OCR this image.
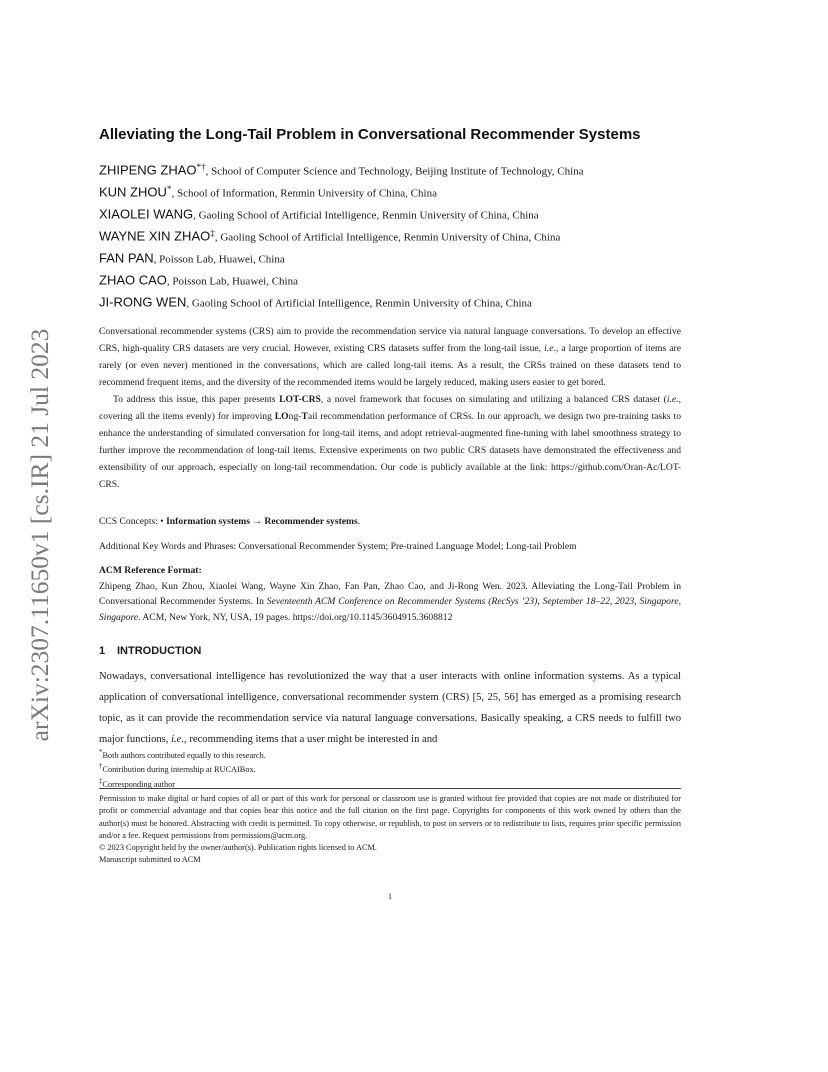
arXiv:2307.11650v1 [cs.IR] 21 Jul 2023
Alleviating the Long-Tail Problem in Conversational Recommender Systems
ZHIPENG ZHAO*†, School of Computer Science and Technology, Beijing Institute of Technology, China
KUN ZHOU*, School of Information, Renmin University of China, China
XIAOLEI WANG, Gaoling School of Artificial Intelligence, Renmin University of China, China
WAYNE XIN ZHAO‡, Gaoling School of Artificial Intelligence, Renmin University of China, China
FAN PAN, Poisson Lab, Huawei, China
ZHAO CAO, Poisson Lab, Huawei, China
JI-RONG WEN, Gaoling School of Artificial Intelligence, Renmin University of China, China

Conversational recommender systems (CRS) aim to provide the recommendation service via natural language conversations. To develop an effective CRS, high-quality CRS datasets are very crucial. However, existing CRS datasets suffer from the long-tail issue, i.e., a large proportion of items are rarely (or even never) mentioned in the conversations, which are called long-tail items. As a result, the CRSs trained on these datasets tend to recommend frequent items, and the diversity of the recommended items would be largely reduced, making users easier to get bored.

To address this issue, this paper presents LOT-CRS, a novel framework that focuses on simulating and utilizing a balanced CRS dataset (i.e., covering all the items evenly) for improving LOng-Tail recommendation performance of CRSs. In our approach, we design two pre-training tasks to enhance the understanding of simulated conversation for long-tail items, and adopt retrieval-augmented fine-tuning with label smoothness strategy to further improve the recommendation of long-tail items. Extensive experiments on two public CRS datasets have demonstrated the effectiveness and extensibility of our approach, especially on long-tail recommendation. Our code is publicly available at the link: https://github.com/Oran-Ac/LOT-CRS.

CCS Concepts: • Information systems → Recommender systems.
Additional Key Words and Phrases: Conversational Recommender System; Pre-trained Language Model; Long-tail Problem
ACM Reference Format:

Zhipeng Zhao, Kun Zhou, Xiaolei Wang, Wayne Xin Zhao, Fan Pan, Zhao Cao, and Ji-Rong Wen. 2023. Alleviating the Long-Tail Problem in Conversational Recommender Systems. In Seventeenth ACM Conference on Recommender Systems (RecSys ’23), September 18–22, 2023, Singapore, Singapore. ACM, New York, NY, USA, 19 pages. https://doi.org/10.1145/3604915.3608812

1 INTRODUCTION
Nowadays, conversational intelligence has revolutionized the way that a user interacts with online information systems. As a typical application of conversational intelligence, conversational recommender system (CRS) [5, 25, 56] has emerged as a promising research topic, as it can provide the recommendation service via natural language conversations. Basically speaking, a CRS needs to fulfill two major functions, i.e., recommending items that a user might be interested in and
*Both authors contributed equally to this research.
†Contribution during internship at RUCAIBox.
‡Corresponding author

Permission to make digital or hard copies of all or part of this work for personal or classroom use is granted without fee provided that copies are not made or distributed for profit or commercial advantage and that copies bear this notice and the full citation on the first page. Copyrights for components of this work owned by others than the author(s) must be honored. Abstracting with credit is permitted. To copy otherwise, or republish, to post on servers or to redistribute to lists, requires prior specific permission and/or a fee. Request permissions from permissions@acm.org.

© 2023 Copyright held by the owner/author(s). Publication rights licensed to ACM.

Manuscript submitted to ACM

1
